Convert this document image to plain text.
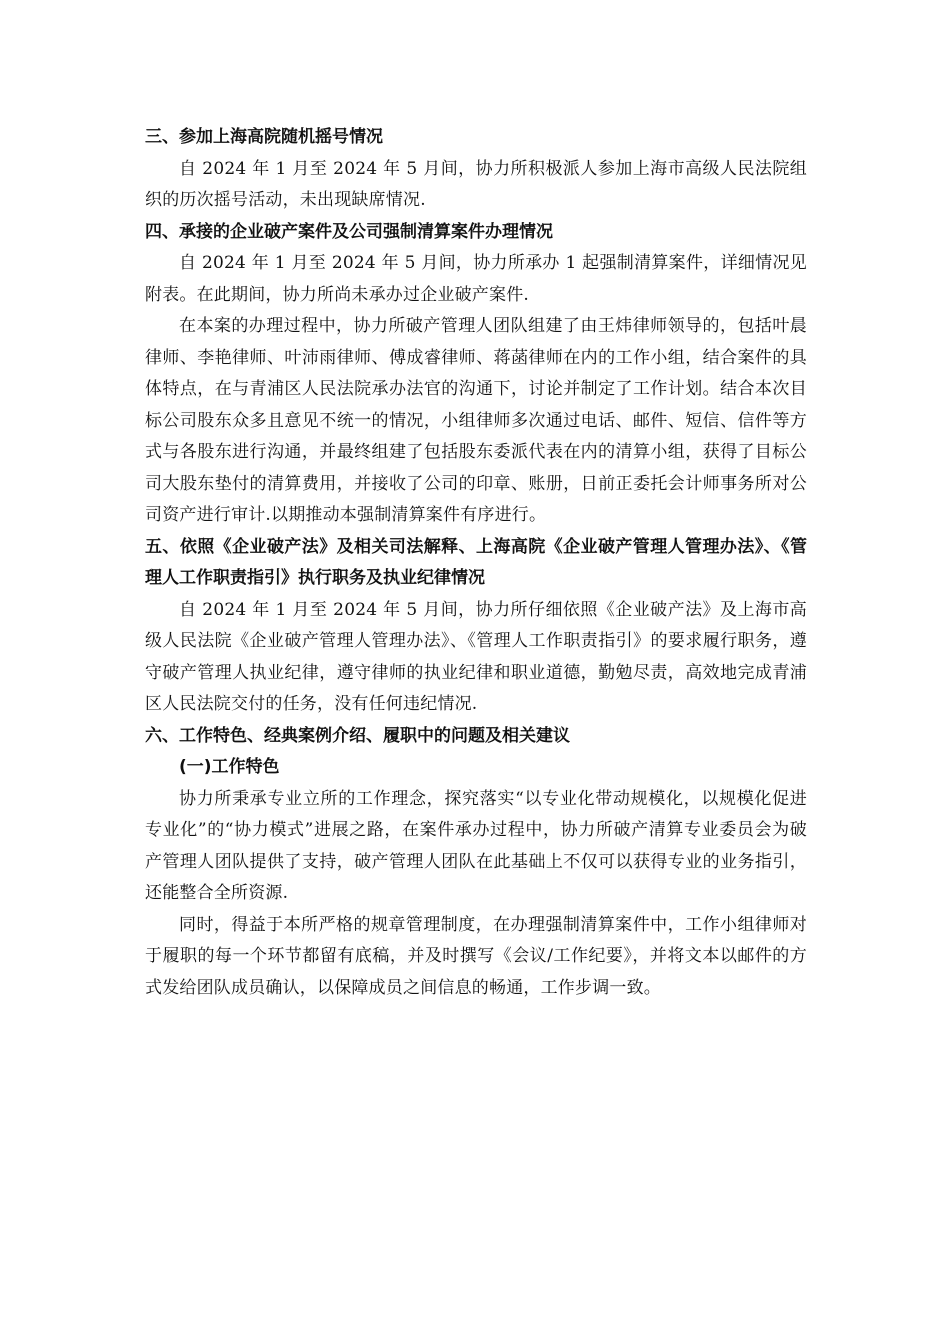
三、参加上海高院随机摇号情况

自 2024 年 1 月至 2024 年 5 月间，协力所积极派人参加上海市高级人民法院组织的历次摇号活动，未出现缺席情况.

四、承接的企业破产案件及公司强制清算案件办理情况

自 2024 年 1 月至 2024 年 5 月间，协力所承办 1 起强制清算案件，详细情况见附表。在此期间，协力所尚未承办过企业破产案件.

在本案的办理过程中，协力所破产管理人团队组建了由王炜律师领导的，包括叶晨律师、李艳律师、叶沛雨律师、傅成睿律师、蒋菡律师在内的工作小组，结合案件的具体特点，在与青浦区人民法院承办法官的沟通下，讨论并制定了工作计划。结合本次目标公司股东众多且意见不统一的情况，小组律师多次通过电话、邮件、短信、信件等方式与各股东进行沟通，并最终组建了包括股东委派代表在内的清算小组，获得了目标公司大股东垫付的清算费用，并接收了公司的印章、账册，日前正委托会计师事务所对公司资产进行审计.以期推动本强制清算案件有序进行。

五、依照《企业破产法》及相关司法解释、上海高院《企业破产管理人管理办法》、《管理人工作职责指引》执行职务及执业纪律情况

自 2024 年 1 月至 2024 年 5 月间，协力所仔细依照《企业破产法》及上海市高级人民法院《企业破产管理人管理办法》、《管理人工作职责指引》的要求履行职务，遵守破产管理人执业纪律，遵守律师的执业纪律和职业道德，勤勉尽责，高效地完成青浦区人民法院交付的任务，没有任何违纪情况.

六、工作特色、经典案例介绍、履职中的问题及相关建议

(一)工作特色

协力所秉承专业立所的工作理念，探究落实“以专业化带动规模化，以规模化促进专业化”的“协力模式”进展之路，在案件承办过程中，协力所破产清算专业委员会为破产管理人团队提供了支持，破产管理人团队在此基础上不仅可以获得专业的业务指引，还能整合全所资源.

同时，得益于本所严格的规章管理制度，在办理强制清算案件中，工作小组律师对于履职的每一个环节都留有底稿，并及时撰写《会议/工作纪要》，并将文本以邮件的方式发给团队成员确认，以保障成员之间信息的畅通，工作步调一致。
